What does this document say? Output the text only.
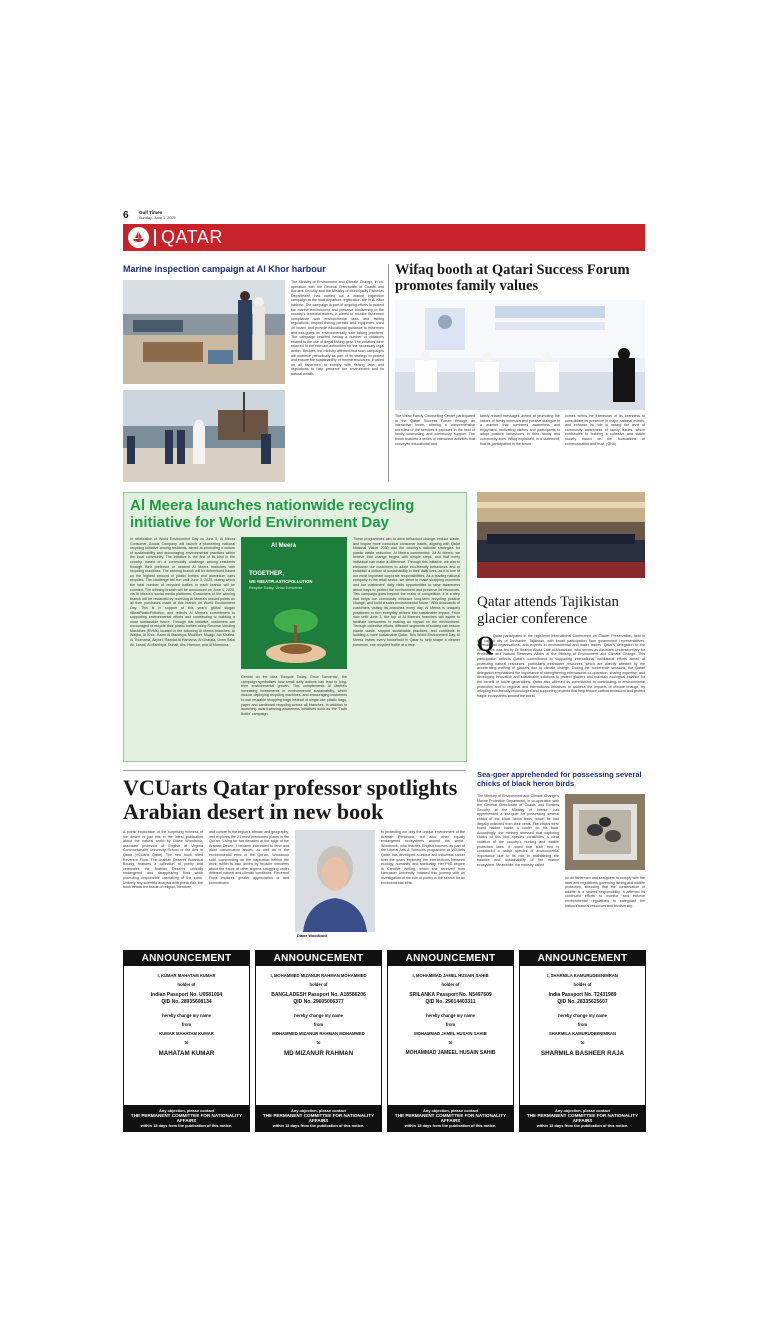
6 Gulf Times
Sunday, June 1, 2025
QATAR
Marine inspection campaign at Al Khor harbour
The Ministry of Environment and Climate Change, in co-operation with the General Directorate of Coasts and Borders Security and the Ministry of Municipality Fisheries Department, has carried out a marine inspection campaign at the boat departure registration site in Al Khor harbour. The campaign is part of ongoing efforts to protect the marine environment and preserve biodiversity in the country's territorial waters. It aimed to monitor fishermen compliance with environmental laws and fishing regulations, inspect fishing permits and equipment used on board, and provide educational guidance to fishermen and sea-goers on environmentally safe fishing practices. The campaign resulted having a number of violations related to the use of illegal fishing gear. The violators were referred to the relevant authorities for the necessary legal action. Besides, the ministry affirmed that such campaigns will continue periodically as part of its strategy to protect and ensure the sustainability of marine resources. It called on all fishermen to comply with fishing laws and regulations to help preserve the environment and its natural wealth.
Wifaq booth at Qatari Success Forum promotes family values
The Wifaq Family Counselling Center participated in the Qatari Success Forum through an interactive booth, offering a comprehensive overview of the services it provides in the field of family counselling and community support. The booth featured a series of interactive activities that conveyed educational and
family-related messages aimed at promoting the values of family cohesion and positive dialogue in a manner that combined awareness and enjoyment, motivating visitors and participants to adopt positive behaviours in their family and community lives. Wifaq explained, in a statement, that its participation in the forum
comes within the framework of its keenness to consolidate its presence in major national events, and enhance its role in raising the level of community awareness of family issues, which contributes to building a cohesive and stable society based on the foundations of communication and trust. (QNA)
Al Meera launches nationwide recycling initiative for World Environment Day
In celebration of World Environment Day on June 5, Al Meera Consumer Goods Company will launch a pioneering national recycling initiative among residents, aimed at promoting a culture of sustainability and encouraging environmental practices within the local community. The initiative is the first of its kind in the country, based on a community challenge among residents through their preferred or nearest Al Meera branches with recycling machines. The winning branch will be determined based on the highest amount of plastic bottles and aluminium cans recycled. The challenge will run until June 3, 2025, during which the total number of recycled bottles in each branch will be counted. The winning branch will be announced on June 4, 2025, via Al Meera's social media platforms. Customers of the winning branch will be rewarded by receiving Al Meera's reward points on all their purchases made at this branch on World Environment Day. This is in support of this year's global slogan #BeatPlasticPollution, and reflects Al Meera's commitment to supporting environmental efforts and contributing to building a more sustainable future. Through this initiative, customers are encouraged to recycle their plastic bottles using Reverse Vending Machines (RVMs) located in the following Al Meera branches: Al Waljba, Al Khor, Hazm Al Markhiya, Muaither, Muaijp, Ain Khaled, Al Thumama, Airport, Rawdat Al Hamama, Al Gharafa, Umm Salal Ali, Lusail, Al Markhiya, Duhail, Abu Hamour, and Al Mamoura.
Al Meera
TOGETHER,
WE #BEATPLASTICPOLLUTION
Recycle Today, Grow Tomorrow
Central on the idea 'Recycle Today, Grow Tomorrow', the campaign symbolises how small daily actions can lead to long-term environmental growth. This complements Al Meera's increasing investments in environmental sustainability, which include deploying recycling machines, and encouraging customers to use reusable shopping bags instead of single-use plastic bags, paper and cardboard recycling across all branches, in addition to launching award-winning awareness initiatives such as the 'Truth Bottle' campaign.
These programmes aim to drive behaviour change, reduce waste, and inspire more conscious consumer habits, aligning with Qatar National Vision 2030 and the country's national strategies for plastic waste reduction. Al Meera commented: 'At Al Meera, we believe that change begins with simple steps, and that every individual can make a difference. Through this initiative, we aim to empower our customers to adopt eco-friendly behaviours and to establish a culture of sustainability in their daily lives, as it is one of our most important corporate responsibilities. As a leading national company in the retail sector, we strive to make shopping moments and our customers' daily visits opportunities to raise awareness about ways to protect the environment and preserve its resources. This campaign goes beyond the realm of competition, it is a step that helps our community embrace long-term recycling positive change, and build a safer environmental future.' With thousands of customers visiting its branches every day, Al Meera is uniquely positioned to turn everyday actions into sustainable impact. From now until June 3, the top of Al Meera's branches will aspire to facilitate consumers in making an impact on the environment. Through collective efforts, different segments of society can reduce plastic waste, support sustainable practices, and contribute to building a more sustainable Qatar. This World Environment Day, Al Meera invites every household in Qatar to help shape a cleaner tomorrow, one recycled bottle at a time.
Qatar attends Tajikistan glacier conference
Q
Qatar participated in the high-level International Conference on Glacier Preservation, held in the capital city of Dushanbe, Tajikistan, with broad participation from government representatives, international organisations, and experts in environmental and water issues. Qatar's delegation to the conference was led by Dr Ibrahim Abdul Latif al-Moawdani, who serves as Assistant Undersecretary for Protection and Natural Reserves Affairs at the Ministry of Environment and Climate Change. This participation reflects Qatar's commitment to supporting international multilateral efforts aimed at protecting natural resources, particularly freshwater resources, which are directly affected by the accelerating melting of glaciers due to climate change. During the conference sessions, the Qatari delegation emphasised the importance of strengthening international co-operation, sharing expertise, and developing innovative and sustainable solutions to protect glaciers and maintain ecological balance for the benefit of future generations. Qatar also affirmed its commitment to contributing to environmental protection and to regional and international initiatives to address the impacts of climate change, by adopting eco-friendly technologies and supporting projects that help reduce carbon emissions and protect fragile ecosystems around the world.
VCUarts Qatar professor spotlights Arabian desert in new book
A poetic exploration of the surprising richness of the desert is just this in the latest publication about the natural world by Diane Woodcock, associate professor of English at Virginia Commonwealth University School of the Arts in Qatar (VCUarts Qatar). The new book, titled Reverent Flora: The Arabian Desert's Botanical Bounty, features a collection of poetry that celebrates the Arabian Desert's critically endangered and disappearing flora while promoting responsible caretaking of the earth. Unlikely any scientific analysis with poetic flair, the book details the tissue of religion, literature,
and culture in the region's climate and geography, and explores the 21 most mentioned plants in the Qur'an. 'Living for two decades at the edge of the Arabian Desert, I became interested to tend and plant conservation issues, as well as in the environmental ethic of the Qur'an,' Woodcock said, commenting on the inspiration behind the work, which is also driven by broader concerns about the future of other regions struggling under different natural and climatic conditions. 'Reverent Flora implores greater appreciation of and commitment
Diane Woodcock
to protecting not only the unique environment of the Arabian Peninsula, but also other equally endangered ecosystems around the world.' Woodcock, who teaches English courses as part of the Liberal Arts & Sciences programme at VCUarts Qatar, has developed a unique and influential career over the years exploring the intersections between ecology, humanity, and spirituality. Her PhD degree in Creative Writing, which she received from Lancaster University, initiated this journey with an investigation of the role of poetry in the search for an environmental ethic.
Sea-goer apprehended for possessing several chicks of black heron birds
The Ministry of Environment and Climate Change's Marine Protection Department, in co-operation with the General Directorate of Coasts and Borders Security at the Ministry of Interior, has apprehended a sea-goer for possessing several chicks of the black heron birds, which he had illegally collected from their nests. The chicks were found hidden inside a cooler on his boat. Accordingly, the ministry stressed that capturing chicks of this bird species constitutes a clear violation of the country's hunting and wildlife protection laws. It noted that such bird is considered a native species of environmental importance due to its role in maintaining the balance and sustainability of the marine ecosystem. Meanwhile, the ministry called
on all fishermen and sea-goers to comply with the laws and regulations governing fishing and wildlife protection, stressing that the conservation of wildlife is a shared responsibility. It affirmed its continued efforts to monitor and enforce environmental regulations to safeguard the nation's natural resources and biodiversity.
ANNOUNCEMENT
I, KUMAR MAHATAM KUMAR
holder of
Indian Passport No. U0581004
QID No. 28935608134
hereby change my name
from
KUMAR MAHATAM KUMAR
to
MAHATAM KUMAR
Any objection, please contact
THE PERMANENT COMMITTEE FOR NATIONALITY AFFAIRS
within 15 days from the publication of this notice.
ANNOUNCEMENT
I, MOHAMMED MIZANUR RAHMAN MOHAMMED
holder of
BANGLADESH Passport No. A18586206
QID No. 29605006377
hereby change my name
from
MOHAMMED MIZANUR RAHMAN MOHAMMED
to
MD MIZANUR RAHMAN
Any objection, please contact
THE PERMANENT COMMITTEE FOR NATIONALITY AFFAIRS
within 15 days from the publication of this notice.
ANNOUNCEMENT
I, MOHAMMAD JAMEL HUSAIN SAHIB
holder of
SRILANKA Passport No. N5497609
QID No. 29014403311
hereby change my name
from
MOHAMMAD JAMEL HUSAIN SAHIB
to
MOHAMMAD JAMEEL HUSAIN SAHIB
Any objection, please contact
THE PERMANENT COMMITTEE FOR NATIONALITY AFFAIRS
within 15 days from the publication of this notice.
ANNOUNCEMENT
I, SHARMILA KAMURUDEENIMRAN
holder of
India Passport No. T2431989
QID No. 28335625607
hereby change my name
from
SHARMILA KAMURUDEENIMRAN
to
SHARMILA BASHEER RAJA
Any objection, please contact
THE PERMANENT COMMITTEE FOR NATIONALITY AFFAIRS
within 15 days from the publication of this notice.
